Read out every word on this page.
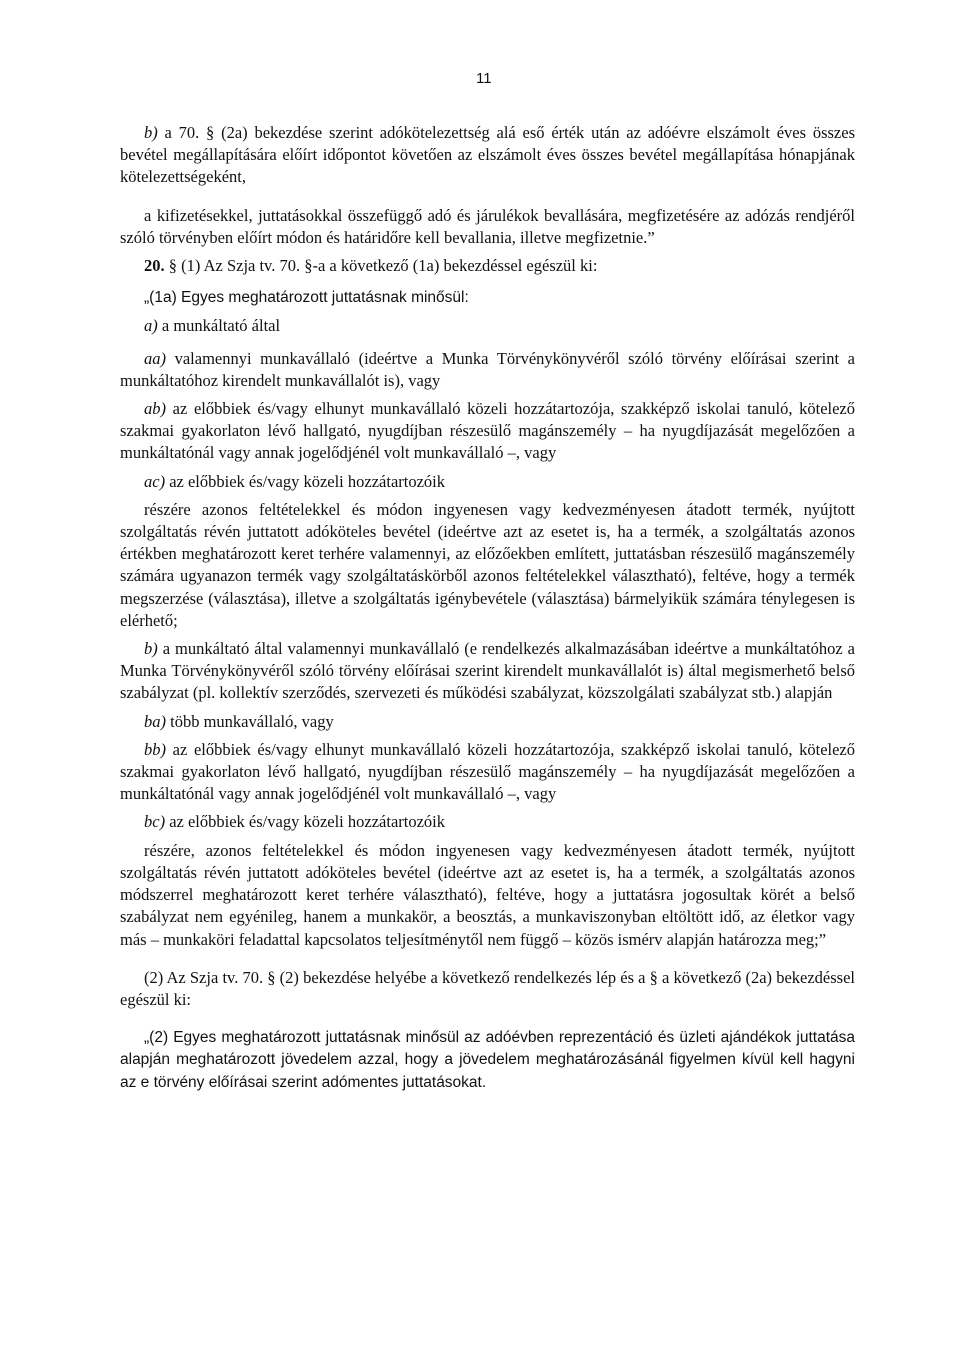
11

b) a 70. § (2a) bekezdése szerint adókötelezettség alá eső érték után az adóévre elszámolt éves összes bevétel megállapítására előírt időpontot követően az elszámolt éves összes bevétel megállapítása hónapjának kötelezettségeként,

a kifizetésekkel, juttatásokkal összefüggő adó és járulékok bevallására, megfizetésére az adózás rendjéről szóló törvényben előírt módon és határidőre kell bevallania, illetve megfizetnie.”

20. § (1) Az Szja tv. 70. §-a a következő (1a) bekezdéssel egészül ki:

„(1a) Egyes meghatározott juttatásnak minősül:

a) a munkáltató által

aa) valamennyi munkavállaló (ideértve a Munka Törvénykönyvéről szóló törvény előírásai szerint a munkáltatóhoz kirendelt munkavállalót is), vagy

ab) az előbbiek és/vagy elhunyt munkavállaló közeli hozzátartozója, szakképző iskolai tanuló, kötelező szakmai gyakorlaton lévő hallgató, nyugdíjban részesülő magánszemély – ha nyugdíjazását megelőzően a munkáltatónál vagy annak jogelődjénél volt munkavállaló –, vagy

ac) az előbbiek és/vagy közeli hozzátartozóik

részére azonos feltételekkel és módon ingyenesen vagy kedvezményesen átadott termék, nyújtott szolgáltatás révén juttatott adóköteles bevétel (ideértve azt az esetet is, ha a termék, a szolgáltatás azonos értékben meghatározott keret terhére valamennyi, az előzőekben említett, juttatásban részesülő magánszemély számára ugyanazon termék vagy szolgáltatáskörből azonos feltételekkel választható), feltéve, hogy a termék megszerzése (választása), illetve a szolgáltatás igénybevétele (választása) bármelyikük számára ténylegesen is elérhető;

b) a munkáltató által valamennyi munkavállaló (e rendelkezés alkalmazásában ideértve a munkáltatóhoz a Munka Törvénykönyvéről szóló törvény előírásai szerint kirendelt munkavállalót is) által megismerhető belső szabályzat (pl. kollektív szerződés, szervezeti és működési szabályzat, közszolgálati szabályzat stb.) alapján

ba) több munkavállaló, vagy

bb) az előbbiek és/vagy elhunyt munkavállaló közeli hozzátartozója, szakképző iskolai tanuló, kötelező szakmai gyakorlaton lévő hallgató, nyugdíjban részesülő magánszemély – ha nyugdíjazását megelőzően a munkáltatónál vagy annak jogelődjénél volt munkavállaló –, vagy

bc) az előbbiek és/vagy közeli hozzátartozóik

részére, azonos feltételekkel és módon ingyenesen vagy kedvezményesen átadott termék, nyújtott szolgáltatás révén juttatott adóköteles bevétel (ideértve azt az esetet is, ha a termék, a szolgáltatás azonos módszerrel meghatározott keret terhére választható), feltéve, hogy a juttatásra jogosultak körét a belső szabályzat nem egyénileg, hanem a munkakör, a beosztás, a munkaviszonyban eltöltött idő, az életkor vagy más – munkaköri feladattal kapcsolatos teljesítménytől nem függő – közös ismérv alapján határozza meg;”

(2) Az Szja tv. 70. § (2) bekezdése helyébe a következő rendelkezés lép és a § a következő (2a) bekezdéssel egészül ki:

„(2) Egyes meghatározott juttatásnak minősül az adóévben reprezentáció és üzleti ajándékok juttatása alapján meghatározott jövedelem azzal, hogy a jövedelem meghatározásánál figyelmen kívül kell hagyni az e törvény előírásai szerint adómentes juttatásokat.
